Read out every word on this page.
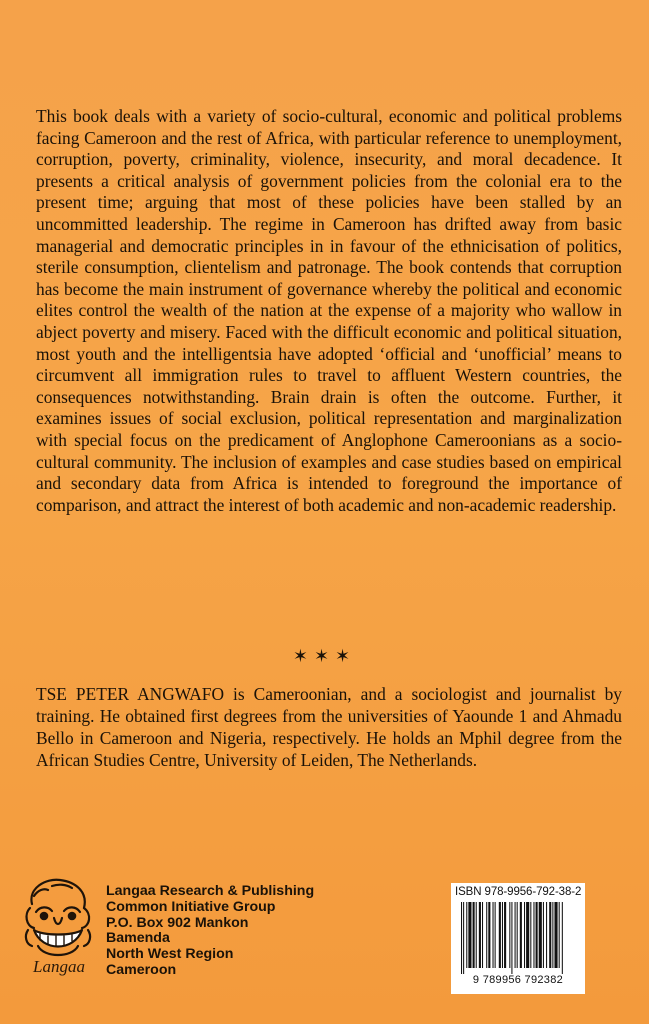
This book deals with a variety of socio-cultural, economic and political problems facing Cameroon and the rest of Africa, with particular reference to unemployment, corruption, poverty, criminality, violence, insecurity, and moral decadence. It presents a critical analysis of government policies from the colonial era to the present time; arguing that most of these policies have been stalled by an uncommitted leadership. The regime in Cameroon has drifted away from basic managerial and democratic principles in in favour of the ethnicisation of politics, sterile consumption, clientelism and patronage. The book contends that corruption has become the main instrument of governance whereby the political and economic elites control the wealth of the nation at the expense of a majority who wallow in abject poverty and misery. Faced with the difficult economic and political situation, most youth and the intelligentsia have adopted ‘official and ‘unofficial’ means to circumvent all immigration rules to travel to affluent Western countries, the consequences notwithstanding. Brain drain is often the outcome. Further, it examines issues of social exclusion, political representation and marginalization with special focus on the predicament of Anglophone Cameroonians as a socio-cultural community. The inclusion of examples and case studies based on empirical and secondary data from Africa is intended to foreground the importance of comparison, and attract the interest of both academic and non-academic readership.

✶✶✶

TSE PETER ANGWAFO is Cameroonian, and a sociologist and journalist by training. He obtained first degrees from the universities of Yaounde 1 and Ahmadu Bello in Cameroon and Nigeria, respectively. He holds an Mphil degree from the African Studies Centre, University of Leiden, The Netherlands.

Langaa
Langaa Research & Publishing
Common Initiative Group
P.O. Box 902 Mankon
Bamenda
North West Region
Cameroon
ISBN 978-9956-792-38-2
9 789956 792382
